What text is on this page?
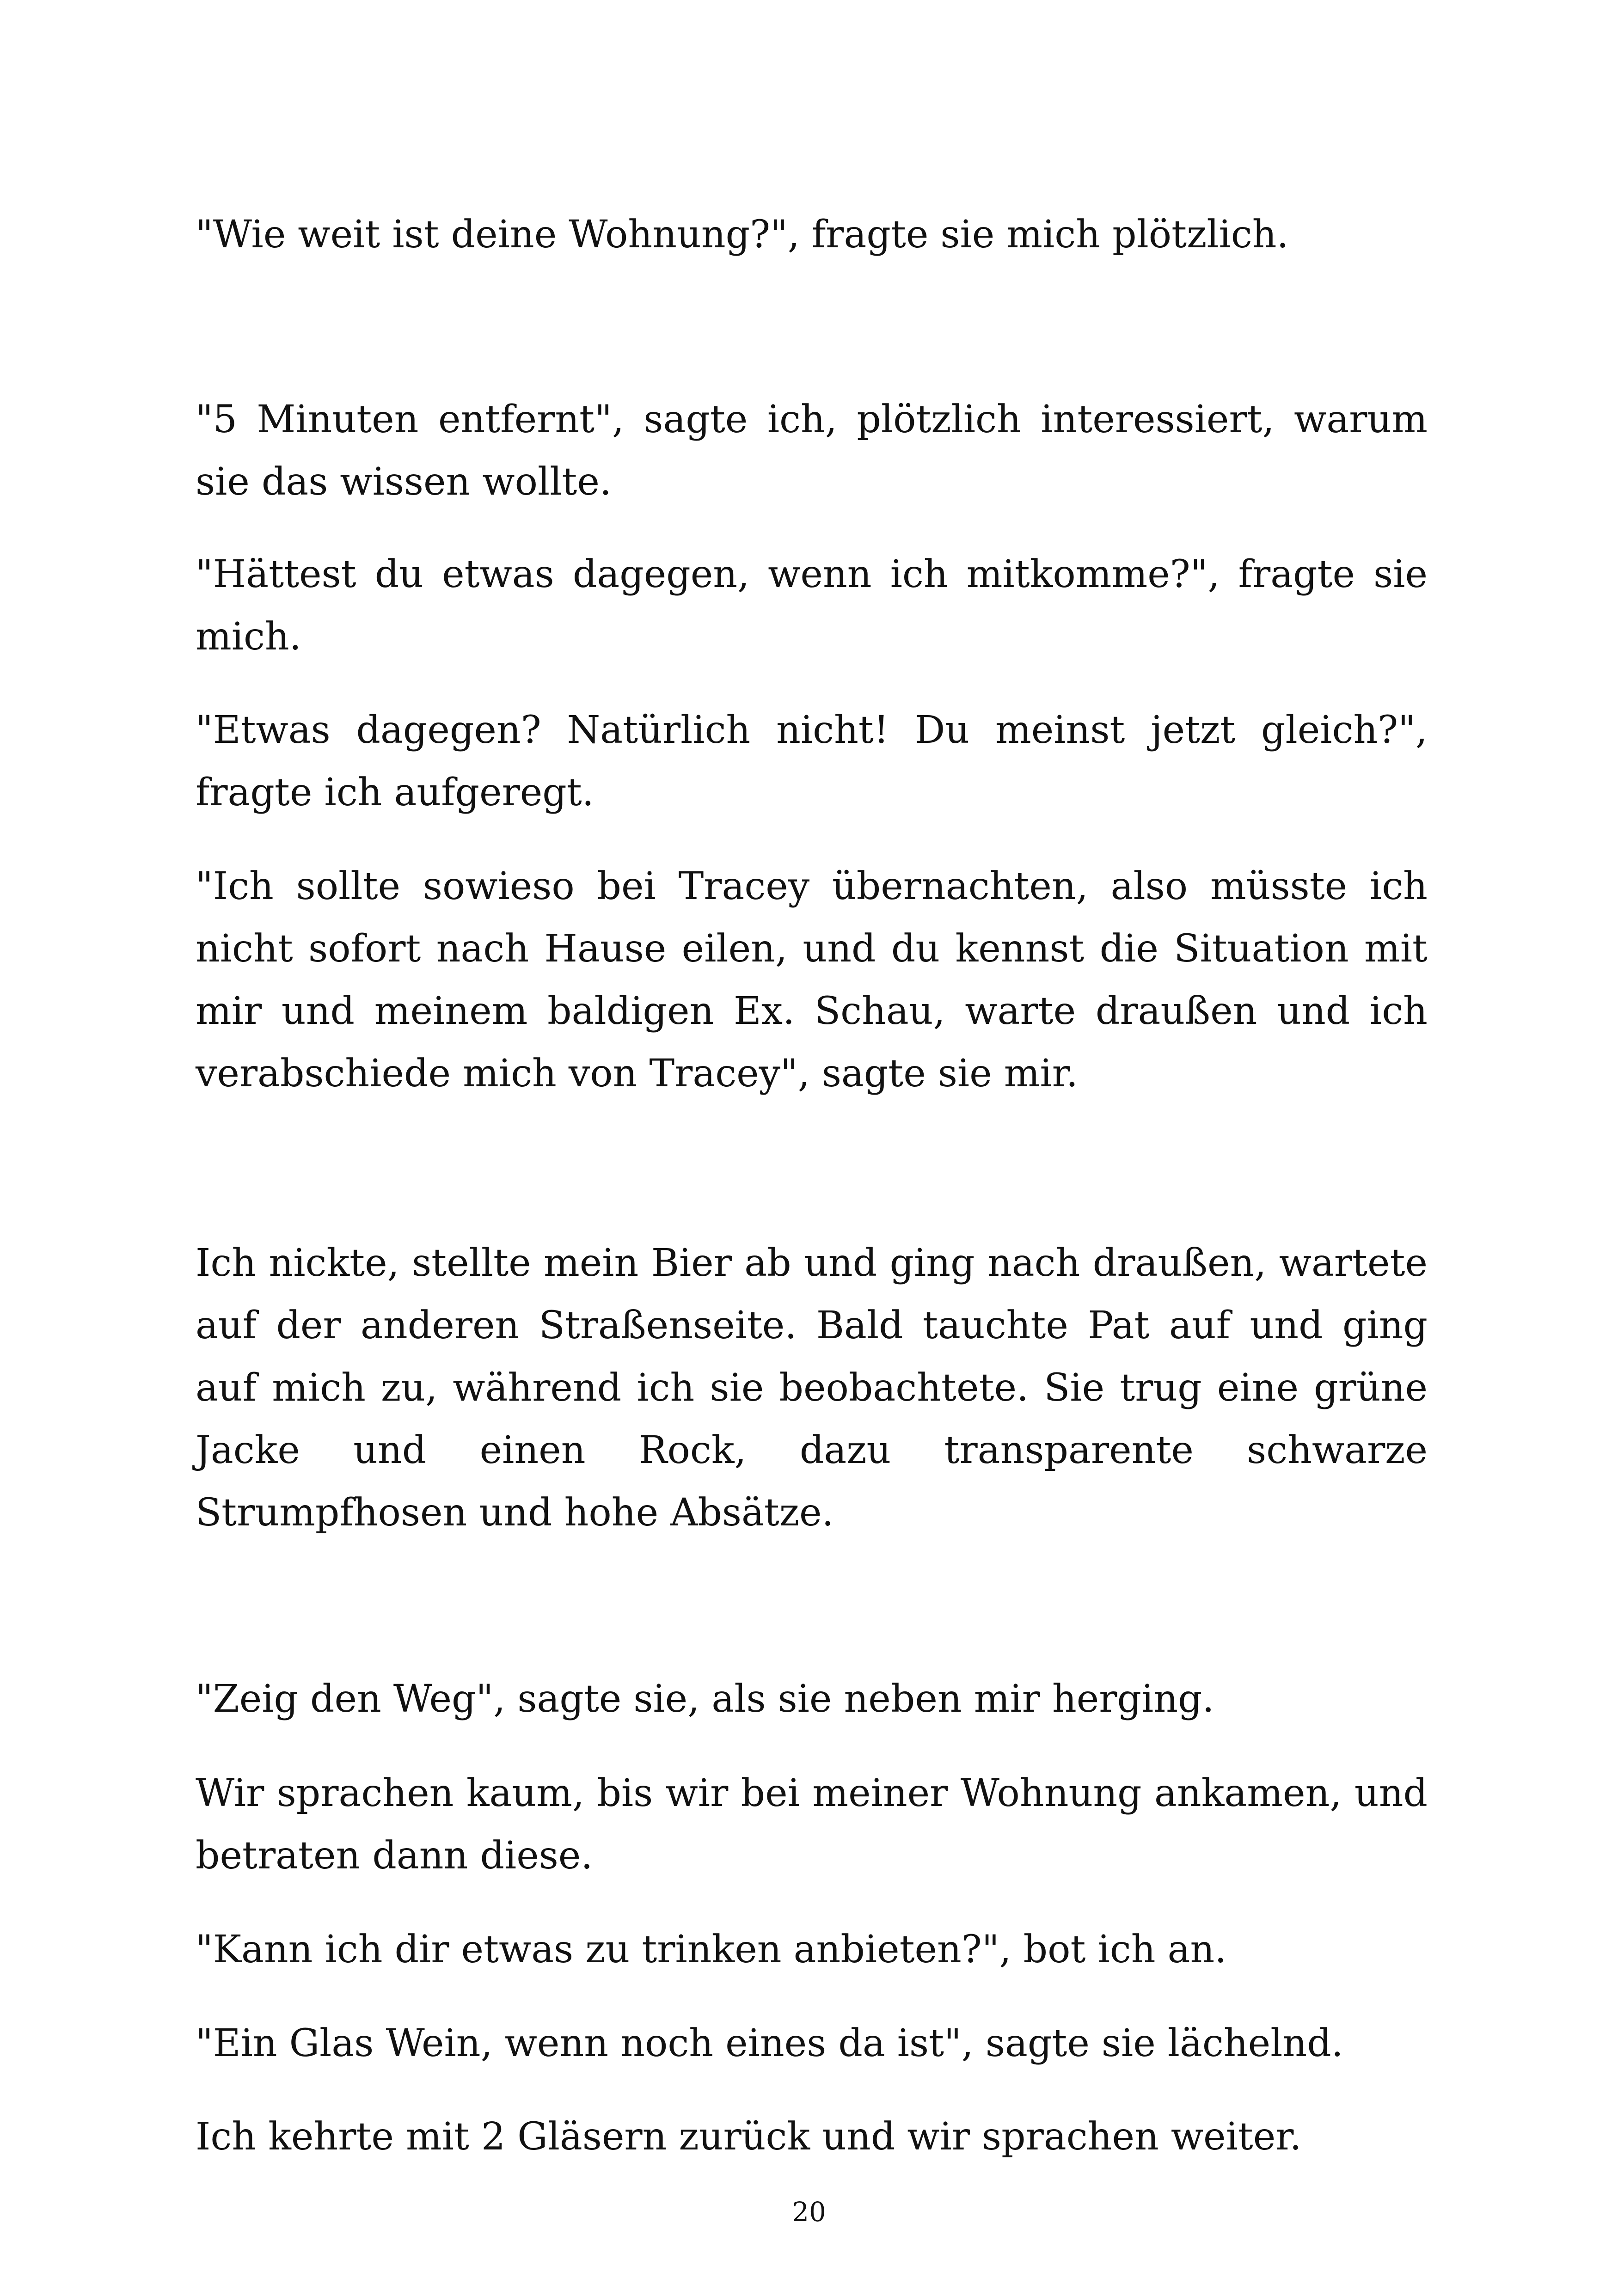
"Wie weit ist deine Wohnung?", fragte sie mich plötzlich.

"5 Minuten entfernt", sagte ich, plötzlich interessiert, warum sie das wissen wollte.

"Hättest du etwas dagegen, wenn ich mitkomme?", fragte sie mich.

"Etwas dagegen? Natürlich nicht! Du meinst jetzt gleich?", fragte ich aufgeregt.

"Ich sollte sowieso bei Tracey übernachten, also müsste ich nicht sofort nach Hause eilen, und du kennst die Situation mit mir und meinem baldigen Ex. Schau, warte draußen und ich verabschiede mich von Tracey", sagte sie mir.

Ich nickte, stellte mein Bier ab und ging nach draußen, wartete auf der anderen Straßenseite. Bald tauchte Pat auf und ging auf mich zu, während ich sie beobachtete. Sie trug eine grüne Jacke und einen Rock, dazu transparente schwarze Strumpfhosen und hohe Absätze.

"Zeig den Weg", sagte sie, als sie neben mir herging.

Wir sprachen kaum, bis wir bei meiner Wohnung ankamen, und betraten dann diese.

"Kann ich dir etwas zu trinken anbieten?", bot ich an.

"Ein Glas Wein, wenn noch eines da ist", sagte sie lächelnd.

Ich kehrte mit 2 Gläsern zurück und wir sprachen weiter.

20
